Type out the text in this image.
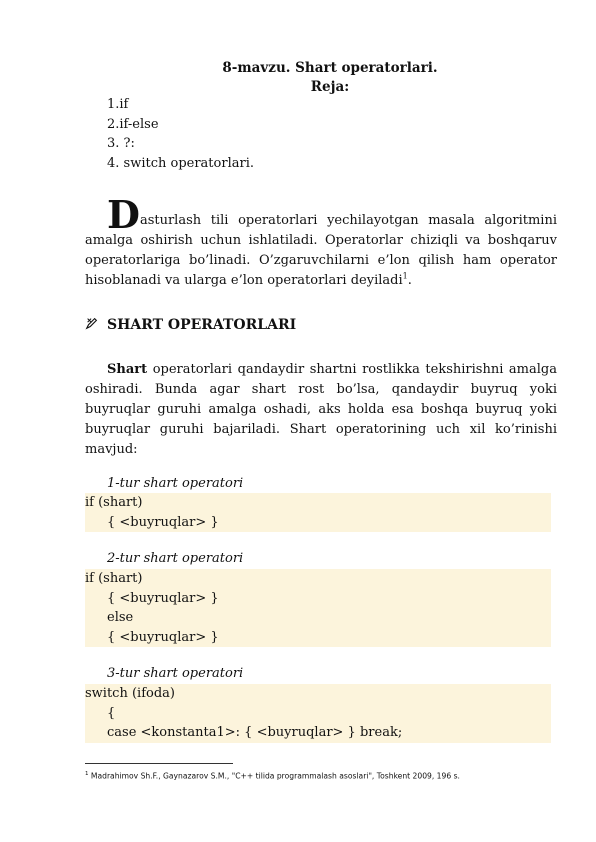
8-mavzu. Shart operatorlari.
Reja:
1.if
2.if-else
3. ?:
4. switch operatorlari.
Dasturlash tili operatorlari yechilayotgan masala algoritmini amalga oshirish uchun ishlatiladi. Operatorlar chiziqli va boshqaruv operatorlariga bo’linadi. O’zgaruvchilarni e’lon qilish ham operator hisoblanadi va ularga e’lon operatorlari deyiladi$^1$.
SHART OPERATORLARI
Shart operatorlari qandaydir shartni rostlikka tekshirishni amalga oshiradi. Bunda agar shart rost bo’lsa, qandaydir buyruq yoki buyruqlar guruhi amalga oshadi, aks holda esa boshqa buyruq yoki buyruqlar guruhi bajariladi. Shart operatorining uch xil ko’rinishi mavjud:
1-tur shart operatori
if (shart)
{ <buyruqlar> }
2-tur shart operatori
if (shart)
{ <buyruqlar> }
else
{ <buyruqlar> }
3-tur shart operatori
switch (ifoda)
{
case <konstanta1>: { <buyruqlar> } break;
$^1$ Madrahimov Sh.F., Gaynazarov S.M., "C++ tilida programmalash asoslari", Toshkent 2009, 196 s.
